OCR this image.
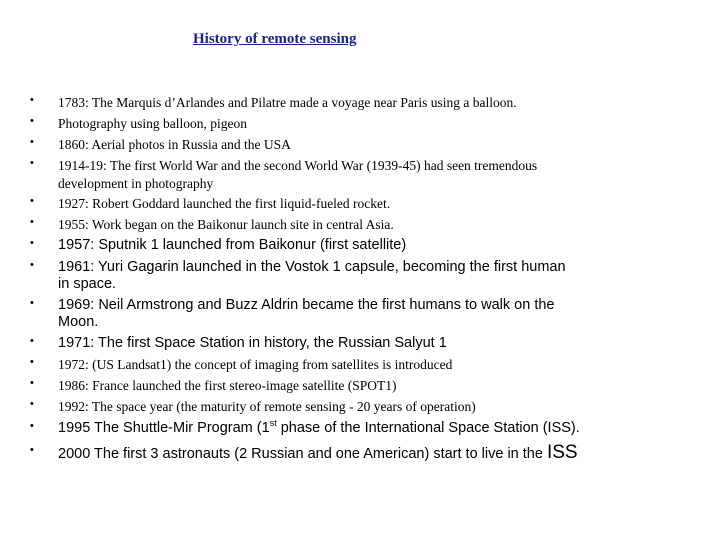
History of remote sensing
• 1783: The Marquis d’Arlandes and Pilatre made a voyage near Paris using a balloon.
• Photography using balloon, pigeon
• 1860: Aerial photos in Russia and the USA
• 1914-19: The first World War and the second World War (1939-45) had seen tremendous
development in photography
• 1927: Robert Goddard launched the first liquid-fueled rocket.
• 1955: Work began on the Baikonur launch site in central Asia.
• 1957: Sputnik 1 launched from Baikonur (first satellite)
• 1961: Yuri Gagarin launched in the Vostok 1 capsule, becoming the first human
in space.
• 1969: Neil Armstrong and Buzz Aldrin became the first humans to walk on the
Moon.
• 1971: The first Space Station in history, the Russian Salyut 1
• 1972: (US Landsat1) the concept of imaging from satellites is introduced
• 1986: France launched the first stereo-image satellite (SPOT1)
• 1992: The space year (the maturity of remote sensing - 20 years of operation)
• 1995 The Shuttle-Mir Program (1st phase of the International Space Station (ISS).
• 2000 The first 3 astronauts (2 Russian and one American) start to live in the ISS
